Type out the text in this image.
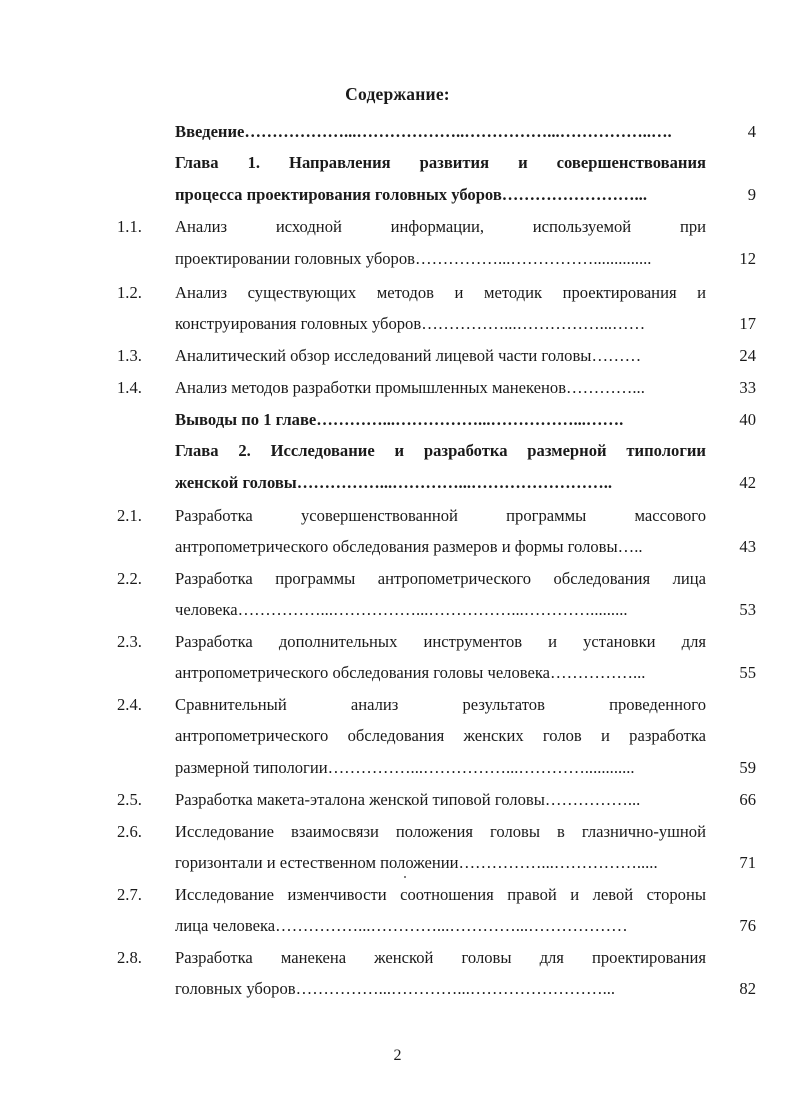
Содержание:
Введение………………...………………..……………...……………..….	4
Глава 1. Направления развития и совершенствования
процесса проектирования головных уборов……………………...	9
1.1.	Анализ исходной информации, используемой при
проектировании головных уборов……………...……………..............	12
1.2.	Анализ существующих методов и методик проектирования и
конструирования головных уборов……………...……………...……	17
1.3.	Аналитический обзор исследований лицевой части головы………	24
1.4.	Анализ методов разработки промышленных манекенов…………...	33
Выводы по 1 главе…………...……………...……………...…….	40
Глава 2. Исследование и разработка размерной типологии
женской головы……………...…………...……………………..	42
2.1.	Разработка усовершенствованной программы массового
антропометрического обследования размеров и формы головы…..	43
2.2.	Разработка программы антропометрического обследования лица
человека……………...……………...……………...………….........	53
2.3.	Разработка дополнительных инструментов и установки для
антропометрического обследования головы человека……………...	55
2.4.	Сравнительный анализ результатов проведенного
антропометрического обследования женских голов и разработка
размерной типологии……………...……………...…………............	59
2.5.	Разработка макета-эталона женской типовой головы……………...	66
2.6.	Исследование взаимосвязи положения головы в глазнично-ушной
горизонтали и естественном положении……………...…………….....	71
2.7.	Исследование изменчивости соотношения правой и левой стороны
лица человека……………...…………...…………...………………	76
2.8.	Разработка манекена женской головы для проектирования
головных уборов……………...…………...……………………...	82
2
